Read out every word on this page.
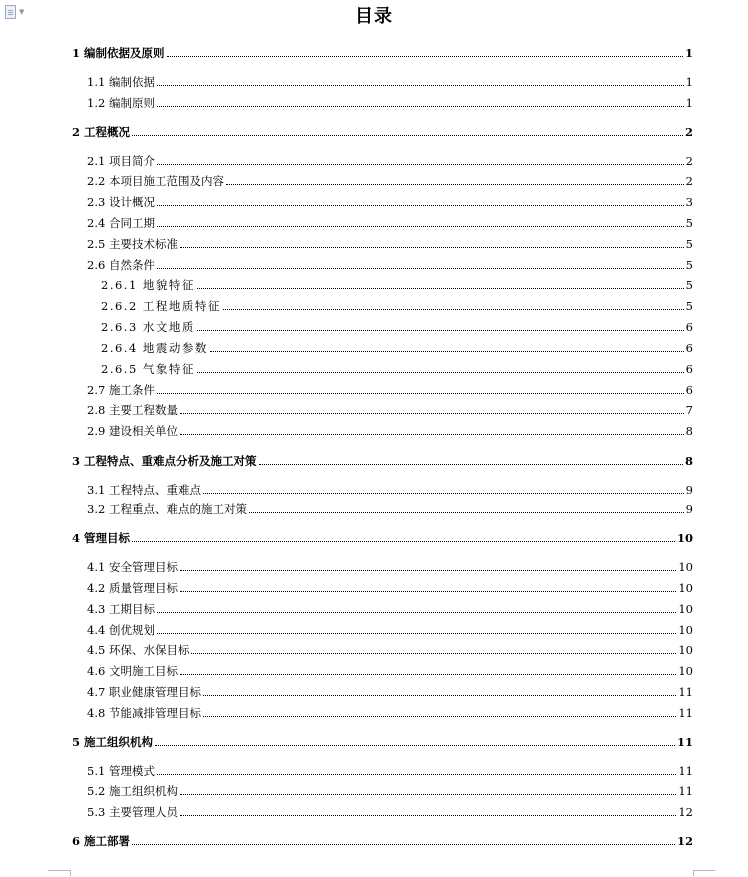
▼	目录
1 编制依据及原则	1
1.1 编制依据	1
1.2 编制原则	1
2 工程概况	2
2.1 项目简介	2
2.2 本项目施工范围及内容	2
2.3 设计概况	3
2.4 合同工期	5
2.5 主要技术标准	5
2.6 自然条件	5
2.6.1 地貌特征	5
2.6.2 工程地质特征	5
2.6.3 水文地质	6
2.6.4 地震动参数	6
2.6.5 气象特征	6
2.7 施工条件	6
2.8 主要工程数量	7
2.9 建设相关单位	8
3 工程特点、重难点分析及施工对策	8
3.1 工程特点、重难点	9
3.2 工程重点、难点的施工对策	9
4 管理目标	10
4.1 安全管理目标	10
4.2 质量管理目标	10
4.3 工期目标	10
4.4 创优规划	10
4.5 环保、水保目标	10
4.6 文明施工目标	10
4.7 职业健康管理目标	11
4.8 节能减排管理目标	11
5 施工组织机构	11
5.1 管理模式	11
5.2 施工组织机构	11
5.3 主要管理人员	12
6 施工部署	12
